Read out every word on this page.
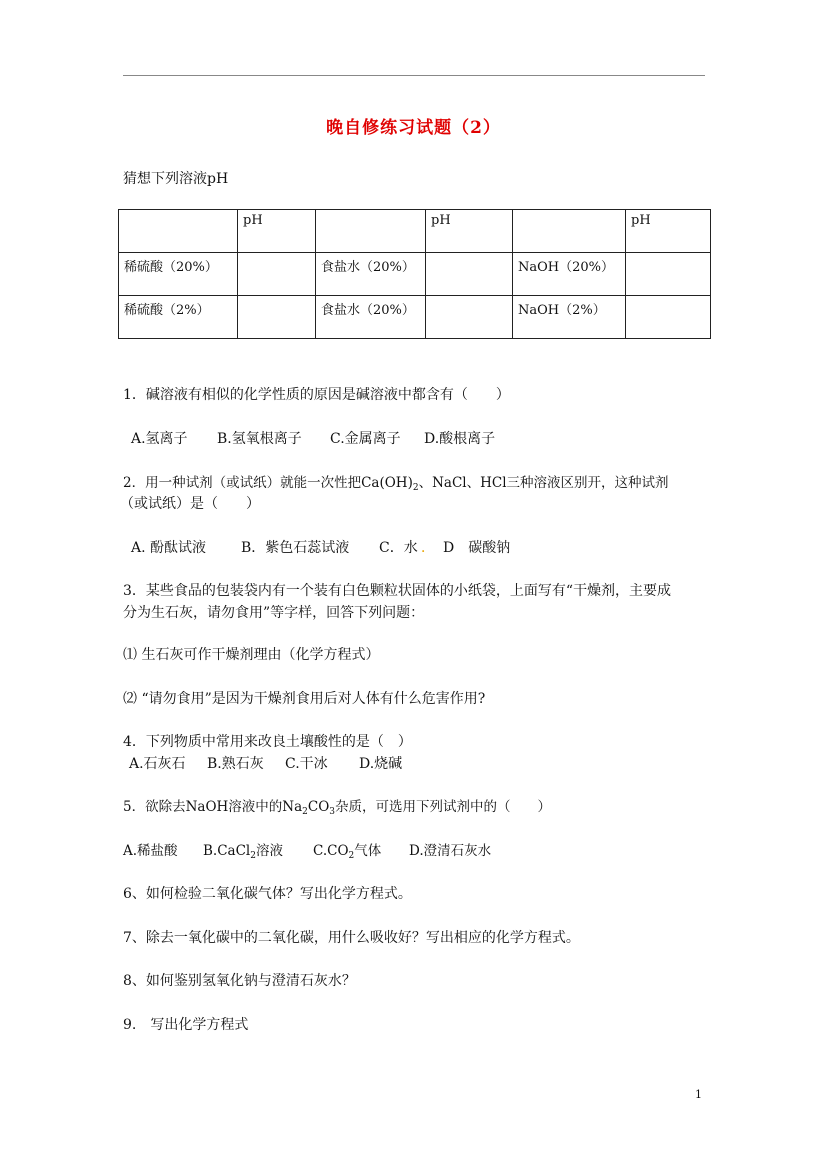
晚自修练习试题（2）
猜想下列溶液pH
	pH		pH		pH
稀硫酸（20%）		食盐水（20%）		NaOH（20%）	
稀硫酸（2%）		食盐水（20%）		NaOH（2%）	
1．碱溶液有相似的化学性质的原因是碱溶液中都含有（　　）
A.氢离子 B.氢氧根离子 C.金属离子 D.酸根离子
2．用一种试剂（或试纸）就能一次性把$Ca(OH)_2$、NaCl、HCl三种溶液区别开，这种试剂
（或试纸）是（　　）
A. 酚酞试液 B．紫色石蕊试液 C．水 ． D　碳酸钠
3．某些食品的包装袋内有一个装有白色颗粒状固体的小纸袋，上面写有“干燥剂，主要成
分为生石灰，请勿食用”等字样，回答下列问题：
⑴ 生石灰可作干燥剂理由（化学方程式）
⑵ “请勿食用”是因为干燥剂食用后对人体有什么危害作用?
4．下列物质中常用来改良土壤酸性的是（　）
A.石灰石 B.熟石灰 C.干冰 D.烧碱
5．欲除去NaOH溶液中的$Na_2CO_3$杂质，可选用下列试剂中的（　　）
A.稀盐酸 B.CaCl$_2$溶液 $C.CO_2$气体 D.澄清石灰水
6、如何检验二氧化碳气体？写出化学方程式。
7、除去一氧化碳中的二氧化碳，用什么吸收好？写出相应的化学方程式。
8、如何鉴别氢氧化钠与澄清石灰水？
9.　写出化学方程式
1
